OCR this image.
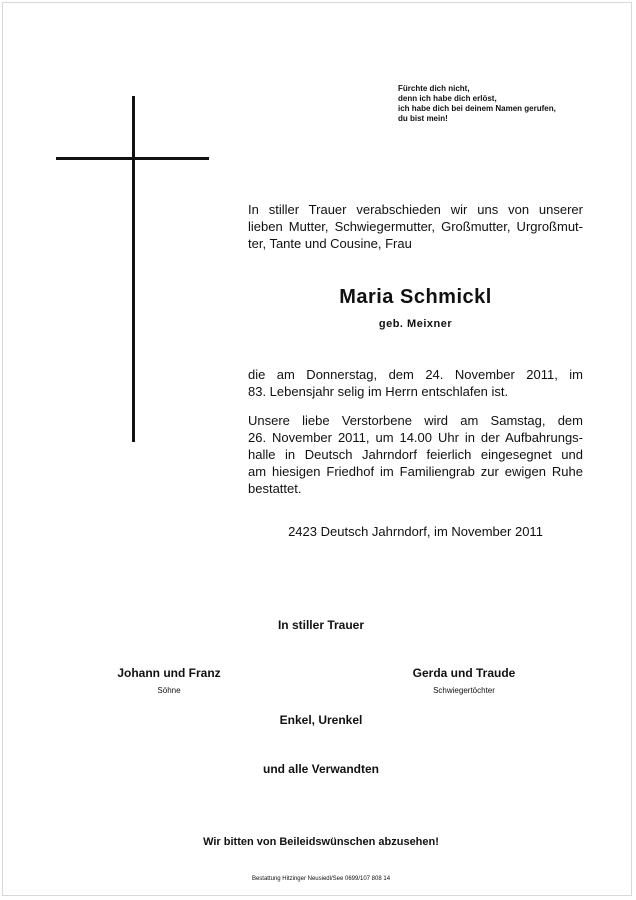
Fürchte dich nicht,
denn ich habe dich erlöst,
ich habe dich bei deinem Namen gerufen,
du bist mein!
In stiller Trauer verabschieden wir uns von unserer
lieben Mutter, Schwiegermutter, Großmutter, Urgroßmut-
ter, Tante und Cousine, Frau
Maria Schmickl
geb. Meixner
die am Donnerstag, dem 24. November 2011, im
83. Lebensjahr selig im Herrn entschlafen ist.
Unsere liebe Verstorbene wird am Samstag, dem
26. November 2011, um 14.00 Uhr in der Aufbahrungs-
halle in Deutsch Jahrndorf feierlich eingesegnet und
am hiesigen Friedhof im Familiengrab zur ewigen Ruhe
bestattet.
2423 Deutsch Jahrndorf, im November 2011
In stiller Trauer
Johann und Franz
Söhne
Gerda und Traude
Schwiegertöchter
Enkel, Urenkel
und alle Verwandten
Wir bitten von Beileidswünschen abzusehen!
Bestattung Hitzinger Neusiedl/See 0699/107 808 14
